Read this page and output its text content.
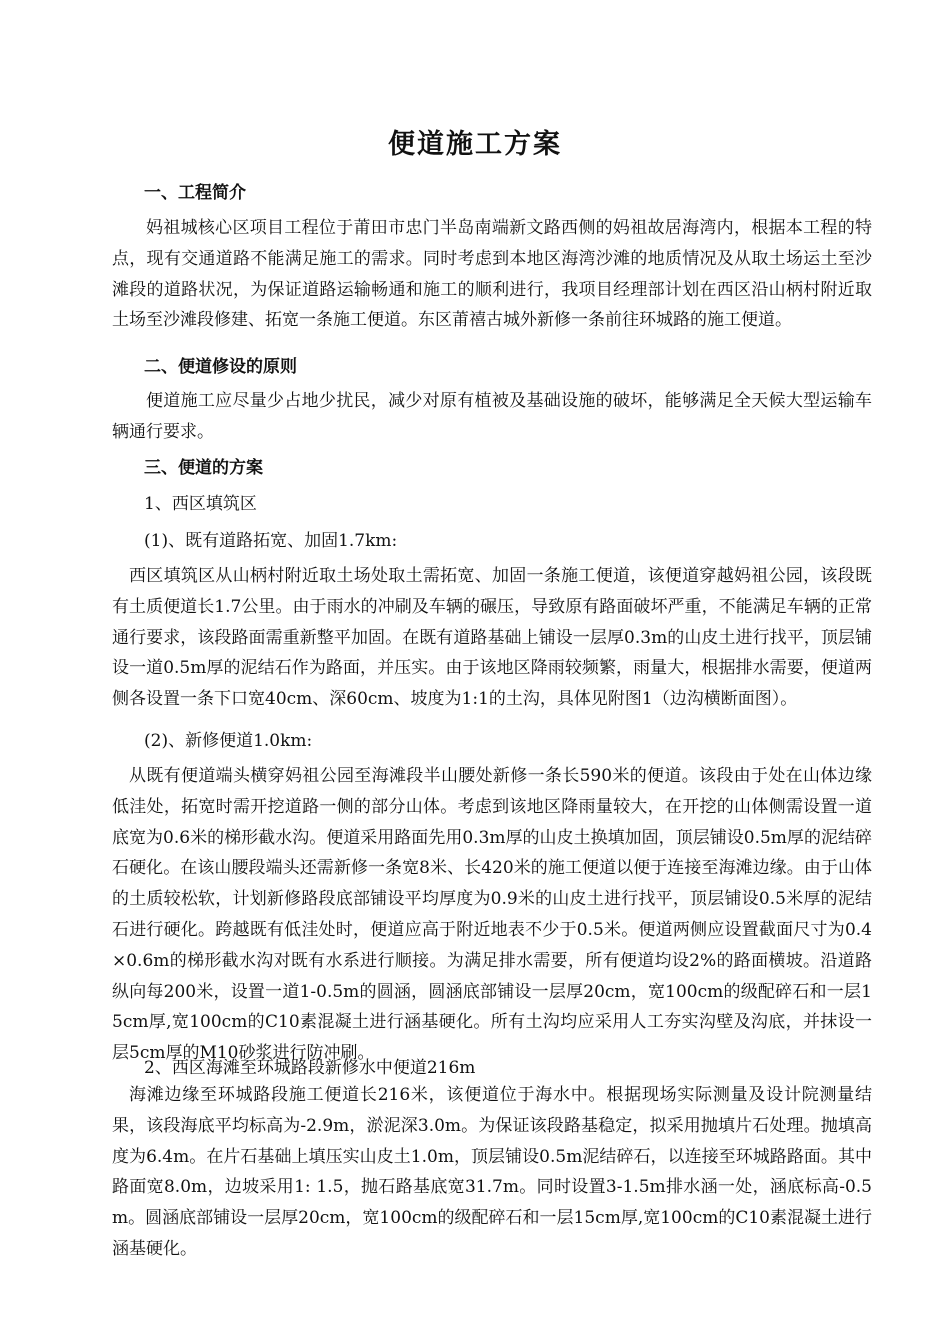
便道施工方案
一、工程简介

妈祖城核心区项目工程位于莆田市忠门半岛南端新文路西侧的妈祖故居海湾内，根据本工程的特点，现有交通道路不能满足施工的需求。同时考虑到本地区海湾沙滩的地质情况及从取土场运土至沙滩段的道路状况，为保证道路运输畅通和施工的顺利进行，我项目经理部计划在西区沿山柄村附近取土场至沙滩段修建、拓宽一条施工便道。东区莆禧古城外新修一条前往环城路的施工便道。

二、便道修设的原则

便道施工应尽量少占地少扰民，减少对原有植被及基础设施的破坏，能够满足全天候大型运输车辆通行要求。

三、便道的方案

1、西区填筑区

(1)、既有道路拓宽、加固1.7km:

西区填筑区从山柄村附近取土场处取土需拓宽、加固一条施工便道，该便道穿越妈祖公园，该段既有土质便道长1.7公里。由于雨水的冲刷及车辆的碾压，导致原有路面破坏严重，不能满足车辆的正常通行要求，该段路面需重新整平加固。在既有道路基础上铺设一层厚0.3m的山皮土进行找平，顶层铺设一道0.5m厚的泥结石作为路面，并压实。由于该地区降雨较频繁，雨量大，根据排水需要，便道两侧各设置一条下口宽40cm、深60cm、坡度为1:1的土沟，具体见附图1（边沟横断面图）。

(2)、新修便道1.0km:

从既有便道端头横穿妈祖公园至海滩段半山腰处新修一条长590米的便道。该段由于处在山体边缘低洼处，拓宽时需开挖道路一侧的部分山体。考虑到该地区降雨量较大，在开挖的山体侧需设置一道底宽为0.6米的梯形截水沟。便道采用路面先用0.3m厚的山皮土换填加固，顶层铺设0.5m厚的泥结碎石硬化。在该山腰段端头还需新修一条宽8米、长420米的施工便道以便于连接至海滩边缘。由于山体的土质较松软，计划新修路段底部铺设平均厚度为0.9米的山皮土进行找平，顶层铺设0.5米厚的泥结石进行硬化。跨越既有低洼处时，便道应高于附近地表不少于0.5米。便道两侧应设置截面尺寸为0.4×0.6m的梯形截水沟对既有水系进行顺接。为满足排水需要，所有便道均设2%的路面横坡。沿道路纵向每200米，设置一道1-0.5m的圆涵，圆涵底部铺设一层厚20cm，宽100cm的级配碎石和一层15cm厚,宽100cm的C10素混凝土进行涵基硬化。所有土沟均应采用人工夯实沟壁及沟底，并抹设一层5cm厚的M10砂浆进行防冲刷。

2、西区海滩至环城路段新修水中便道216m

海滩边缘至环城路段施工便道长216米，该便道位于海水中。根据现场实际测量及设计院测量结果，该段海底平均标高为-2.9m，淤泥深3.0m。为保证该段路基稳定，拟采用抛填片石处理。抛填高度为6.4m。在片石基础上填压实山皮土1.0m，顶层铺设0.5m泥结碎石，以连接至环城路路面。其中路面宽8.0m，边坡采用1: 1.5，抛石路基底宽31.7m。同时设置3-1.5m排水涵一处，涵底标高-0.5m。圆涵底部铺设一层厚20cm，宽100cm的级配碎石和一层15cm厚,宽100cm的C10素混凝土进行涵基硬化。
